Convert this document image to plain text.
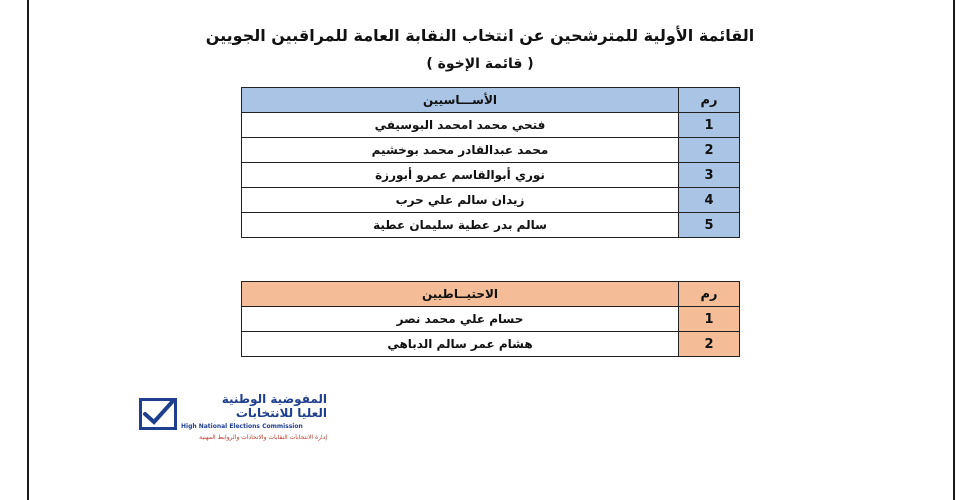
القائمة الأولية للمترشحين عن انتخاب النقابة العامة للمراقبين الجويين
( قائمة الإخوة )
رم	الأســـاسيين
1	فتحي محمد امحمد البوسيفي
2	محمد عبدالقادر محمد بوخشيم
3	نوري أبوالقاسم عمرو أبورزة
4	زيدان سالم علي حرب
5	سالم بدر عطية سليمان عطية
رم	الاحتيــاطيين
1	حسام علي محمد نصر
2	هشام عمر سالم الدباهي
المفوضية الوطنية
العليا للانتخابات
High National Elections Commission
إدارة الانتخابات النقابات والاتحادات والروابط المهنية
